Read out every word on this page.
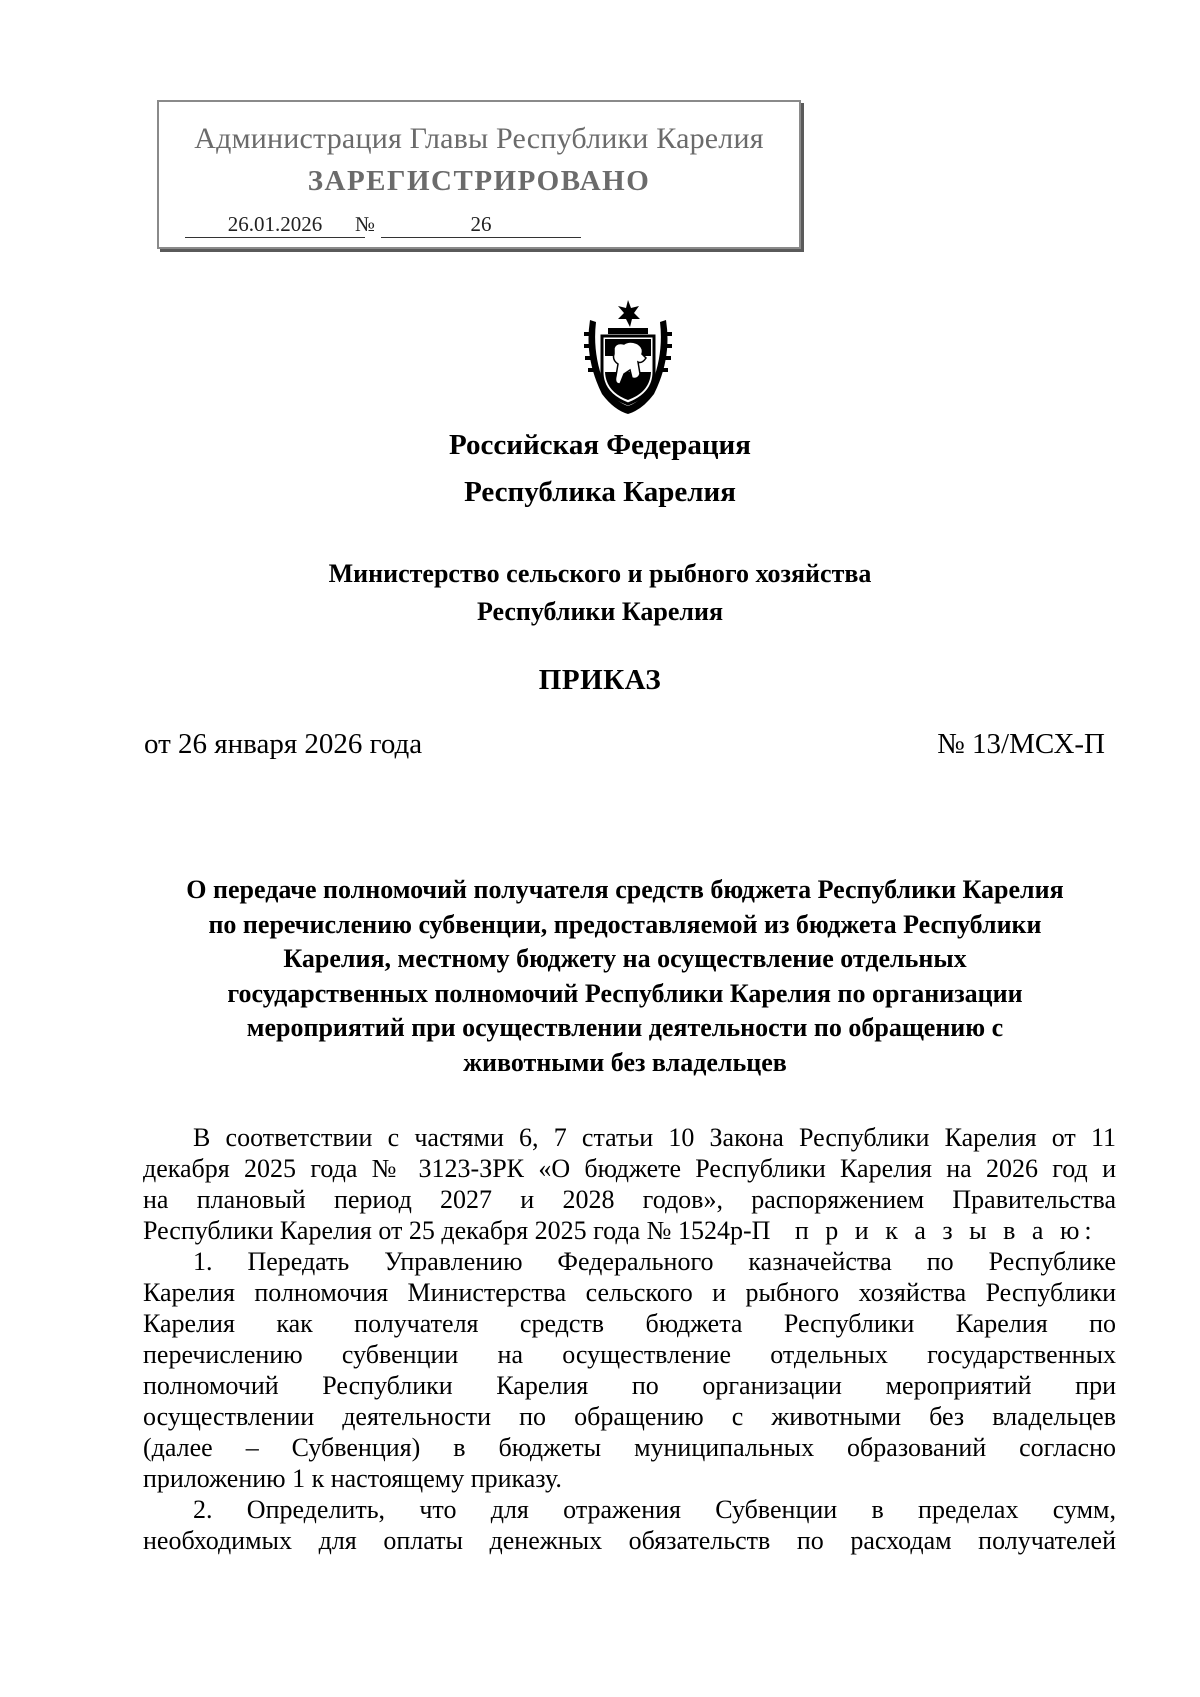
Администрация Главы Республики Карелия
ЗАРЕГИСТРИРОВАНО
26.01.2026	№	26
Российская Федерация
Республика Карелия
Министерство сельского и рыбного хозяйства
Республики Карелия
ПРИКАЗ
от 26 января 2026 года	№ 13/МСХ-П
О передаче полномочий получателя средств бюджета Республики Карелия
по перечислению субвенции, предоставляемой из бюджета Республики
Карелия, местному бюджету на осуществление отдельных
государственных полномочий Республики Карелия по организации
мероприятий при осуществлении деятельности по обращению с
животными без владельцев
В соответствии с частями 6, 7 статьи 10 Закона Республики Карелия от 11
декабря 2025 года № 3123-ЗРК «О бюджете Республики Карелия на 2026 год и
на плановый период 2027 и 2028 годов», распоряжением Правительства
Республики Карелия от 25 декабря 2025 года № 1524р-П п р и к а з ы в а ю:
1. Передать Управлению Федерального казначейства по Республике
Карелия полномочия Министерства сельского и рыбного хозяйства Республики
Карелия как получателя средств бюджета Республики Карелия по
перечислению субвенции на осуществление отдельных государственных
полномочий Республики Карелия по организации мероприятий при
осуществлении деятельности по обращению с животными без владельцев
(далее – Субвенция) в бюджеты муниципальных образований согласно
приложению 1 к настоящему приказу.
2. Определить, что для отражения Субвенции в пределах сумм,
необходимых для оплаты денежных обязательств по расходам получателей
